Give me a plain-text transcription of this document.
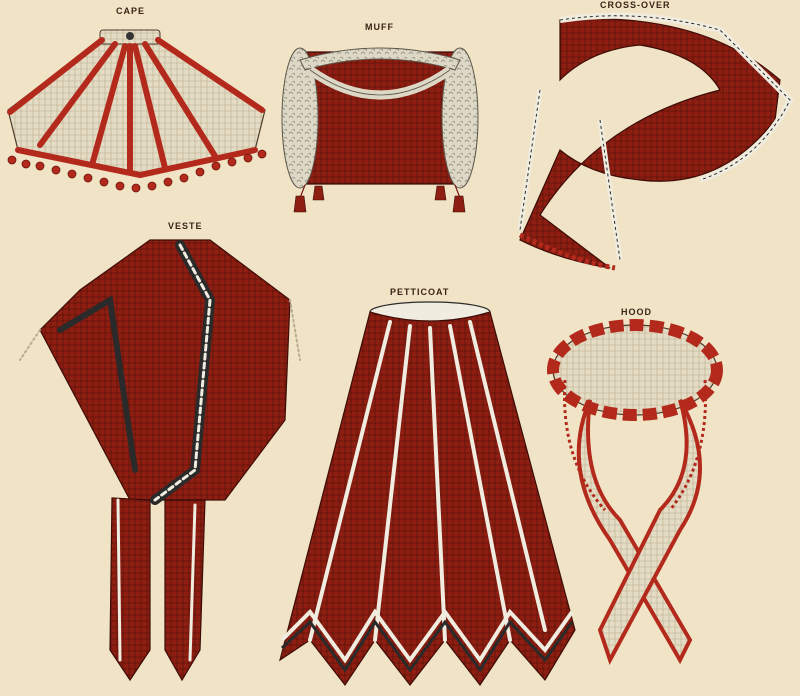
CAPE
MUFF
CROSS-OVER
VESTE
PETTICOAT
HOOD
